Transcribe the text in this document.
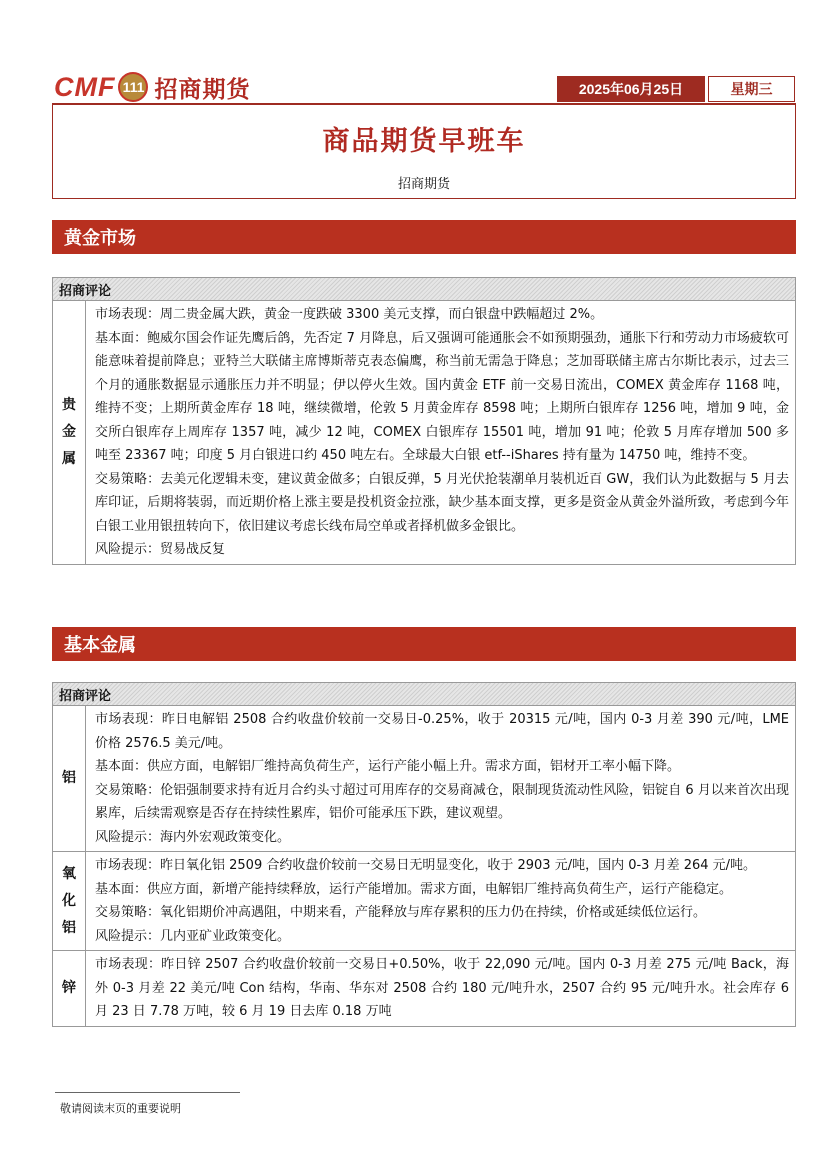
CMF 111 招商期货	2025年06月25日	星期三
商品期货早班车
招商期货
黄金市场
招商评论
贵
金
属

市场表现：周二贵金属大跌，黄金一度跌破 3300 美元支撑，而白银盘中跌幅超过 2%。

基本面：鲍威尔国会作证先鹰后鸽，先否定 7 月降息，后又强调可能通胀会不如预期强劲，通胀下行和劳动力市场疲软可能意味着提前降息；亚特兰大联储主席博斯蒂克表态偏鹰，称当前无需急于降息；芝加哥联储主席古尔斯比表示，过去三个月的通胀数据显示通胀压力并不明显；伊以停火生效。国内黄金 ETF 前一交易日流出，COMEX 黄金库存 1168 吨，维持不变；上期所黄金库存 18 吨，继续微增，伦敦 5 月黄金库存 8598 吨；上期所白银库存 1256 吨，增加 9 吨，金交所白银库存上周库存 1357 吨，减少 12 吨，COMEX 白银库存 15501 吨，增加 91 吨；伦敦 5 月库存增加 500 多吨至 23367 吨；印度 5 月白银进口约 450 吨左右。全球最大白银 etf--iShares 持有量为 14750 吨，维持不变。

交易策略：去美元化逻辑未变，建议黄金做多；白银反弹，5 月光伏抢装潮单月装机近百 GW，我们认为此数据与 5 月去库印证，后期将装弱，而近期价格上涨主要是投机资金拉涨，缺少基本面支撑，更多是资金从黄金外溢所致，考虑到今年白银工业用银扭转向下，依旧建议考虑长线布局空单或者择机做多金银比。

风险提示：贸易战反复

基本金属
招商评论
铝

市场表现：昨日电解铝 2508 合约收盘价较前一交易日-0.25%，收于 20315 元/吨，国内 0-3 月差 390 元/吨，LME 价格 2576.5 美元/吨。

基本面：供应方面，电解铝厂维持高负荷生产，运行产能小幅上升。需求方面，铝材开工率小幅下降。

交易策略：伦铝强制要求持有近月合约头寸超过可用库存的交易商减仓，限制现货流动性风险，铝锭自 6 月以来首次出现累库，后续需观察是否存在持续性累库，铝价可能承压下跌，建议观望。

风险提示：海内外宏观政策变化。

氧
化
铝

市场表现：昨日氧化铝 2509 合约收盘价较前一交易日无明显变化，收于 2903 元/吨，国内 0-3 月差 264 元/吨。

基本面：供应方面，新增产能持续释放，运行产能增加。需求方面，电解铝厂维持高负荷生产，运行产能稳定。

交易策略：氧化铝期价冲高遇阻，中期来看，产能释放与库存累积的压力仍在持续，价格或延续低位运行。

风险提示：几内亚矿业政策变化。

锌

市场表现：昨日锌 2507 合约收盘价较前一交易日+0.50%，收于 22,090 元/吨。国内 0-3 月差 275 元/吨 Back，海外 0-3 月差 22 美元/吨 Con 结构，华南、华东对 2508 合约 180 元/吨升水，2507 合约 95 元/吨升水。社会库存 6 月 23 日 7.78 万吨，较 6 月 19 日去库 0.18 万吨

敬请阅读末页的重要说明
